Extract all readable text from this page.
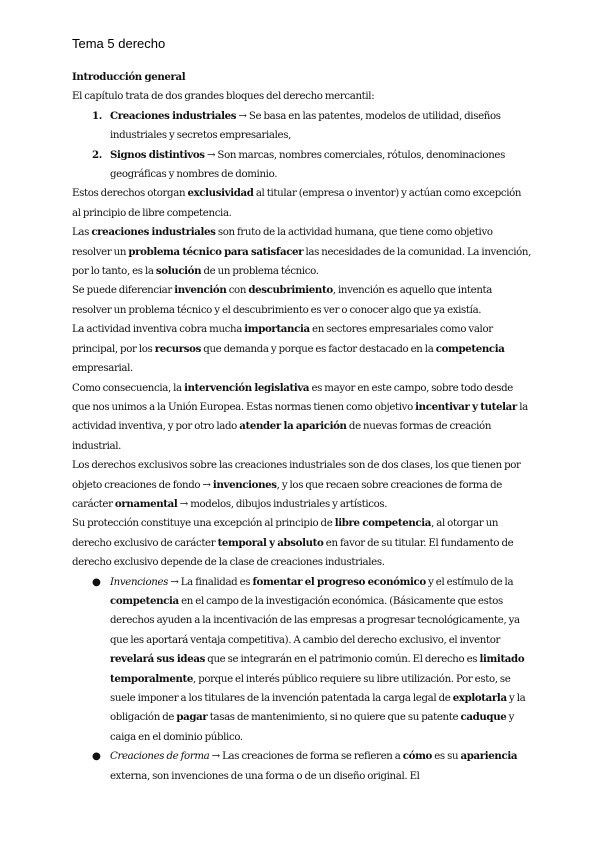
Tema 5 derecho

Introducción general

El capítulo trata de dos grandes bloques del derecho mercantil:

1. Creaciones industriales → Se basa en las patentes, modelos de utilidad, diseños industriales y secretos empresariales,
2. Signos distintivos → Son marcas, nombres comerciales, rótulos, denominaciones geográficas y nombres de dominio.

Estos derechos otorgan exclusividad al titular (empresa o inventor) y actúan como excepción al principio de libre competencia.

Las creaciones industriales son fruto de la actividad humana, que tiene como objetivo resolver un problema técnico para satisfacer las necesidades de la comunidad. La invención, por lo tanto, es la solución de un problema técnico.

Se puede diferenciar invención con descubrimiento, invención es aquello que intenta resolver un problema técnico y el descubrimiento es ver o conocer algo que ya existía.

La actividad inventiva cobra mucha importancia en sectores empresariales como valor principal, por los recursos que demanda y porque es factor destacado en la competencia empresarial.

Como consecuencia, la intervención legislativa es mayor en este campo, sobre todo desde que nos unimos a la Unión Europea. Estas normas tienen como objetivo incentivar y tutelar la actividad inventiva, y por otro lado atender la aparición de nuevas formas de creación industrial.

Los derechos exclusivos sobre las creaciones industriales son de dos clases, los que tienen por objeto creaciones de fondo → invenciones, y los que recaen sobre creaciones de forma de carácter ornamental → modelos, dibujos industriales y artísticos.

Su protección constituye una excepción al principio de libre competencia, al otorgar un derecho exclusivo de carácter temporal y absoluto en favor de su titular. El fundamento de derecho exclusivo depende de la clase de creaciones industriales.

● Invenciones → La finalidad es fomentar el progreso económico y el estímulo de la competencia en el campo de la investigación económica. (Básicamente que estos derechos ayuden a la incentivación de las empresas a progresar tecnológicamente, ya que les aportará ventaja competitiva). A cambio del derecho exclusivo, el inventor revelará sus ideas que se integrarán en el patrimonio común. El derecho es limitado temporalmente, porque el interés público requiere su libre utilización. Por esto, se suele imponer a los titulares de la invención patentada la carga legal de explotarla y la obligación de pagar tasas de mantenimiento, si no quiere que su patente caduque y caiga en el dominio público.
● Creaciones de forma → Las creaciones de forma se refieren a cómo es su apariencia externa, son invenciones de una forma o de un diseño original. El
